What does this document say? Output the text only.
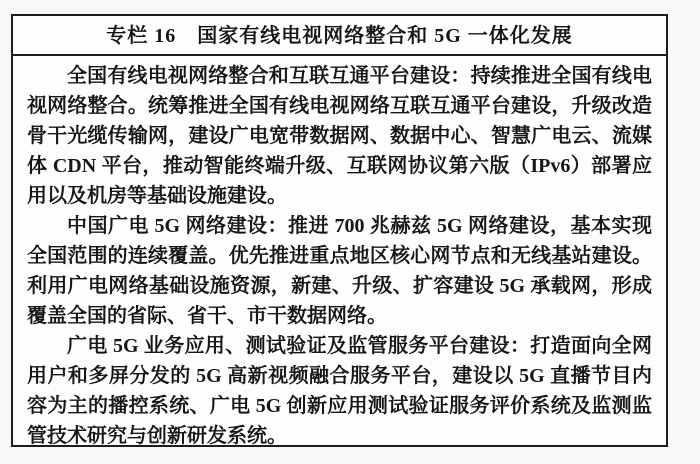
专栏 16　国家有线电视网络整合和 5G 一体化发展

全国有线电视网络整合和互联互通平台建设：持续推进全国有线电视网络整合。统筹推进全国有线电视网络互联互通平台建设，升级改造骨干光缆传输网，建设广电宽带数据网、数据中心、智慧广电云、流媒体 CDN 平台，推动智能终端升级、互联网协议第六版（IPv6）部署应用以及机房等基础设施建设。

中国广电 5G 网络建设：推进 700 兆赫兹 5G 网络建设，基本实现全国范围的连续覆盖。优先推进重点地区核心网节点和无线基站建设。利用广电网络基础设施资源，新建、升级、扩容建设 5G 承载网，形成覆盖全国的省际、省干、市干数据网络。

广电 5G 业务应用、测试验证及监管服务平台建设：打造面向全网用户和多屏分发的 5G 高新视频融合服务平台，建设以 5G 直播节目内容为主的播控系统、广电 5G 创新应用测试验证服务评价系统及监测监管技术研究与创新研发系统。
